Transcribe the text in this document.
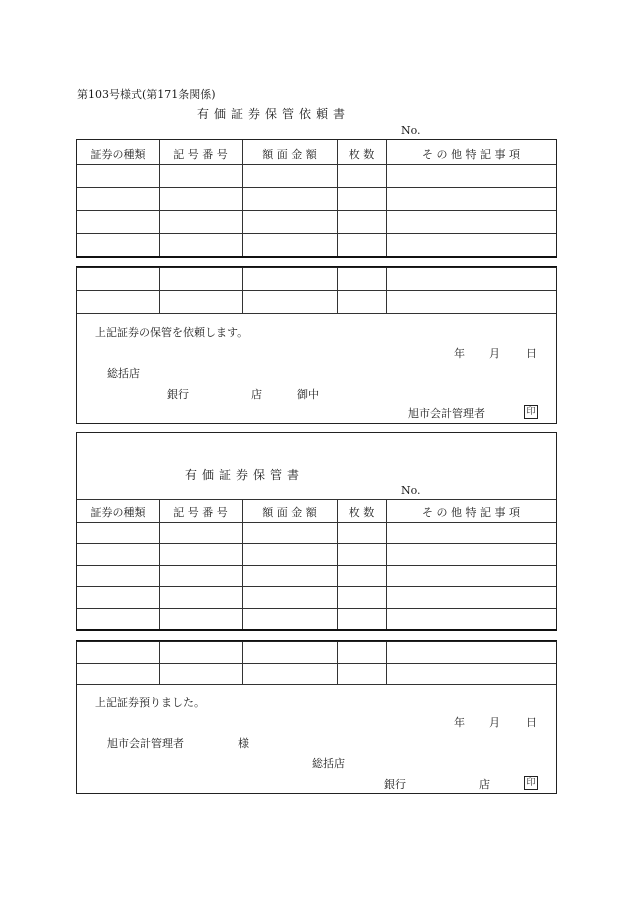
第103号様式(第171条関係)
有価証券保管依頼書
No.
証券の種類	記 号 番 号	額 面 金 額	枚 数	そ の 他 特 記 事 項
上記証券の保管を依頼します。
年 月 日
総括店
銀行	店	御中
旭市会計管理者	印
証券の種類	記 号 番 号	額 面 金 額	枚 数	そ の 他 特 記 事 項
有価証券保管書
No.
上記証券預りました。
年 月 日
旭市会計管理者	様
総括店
銀行	店	印
